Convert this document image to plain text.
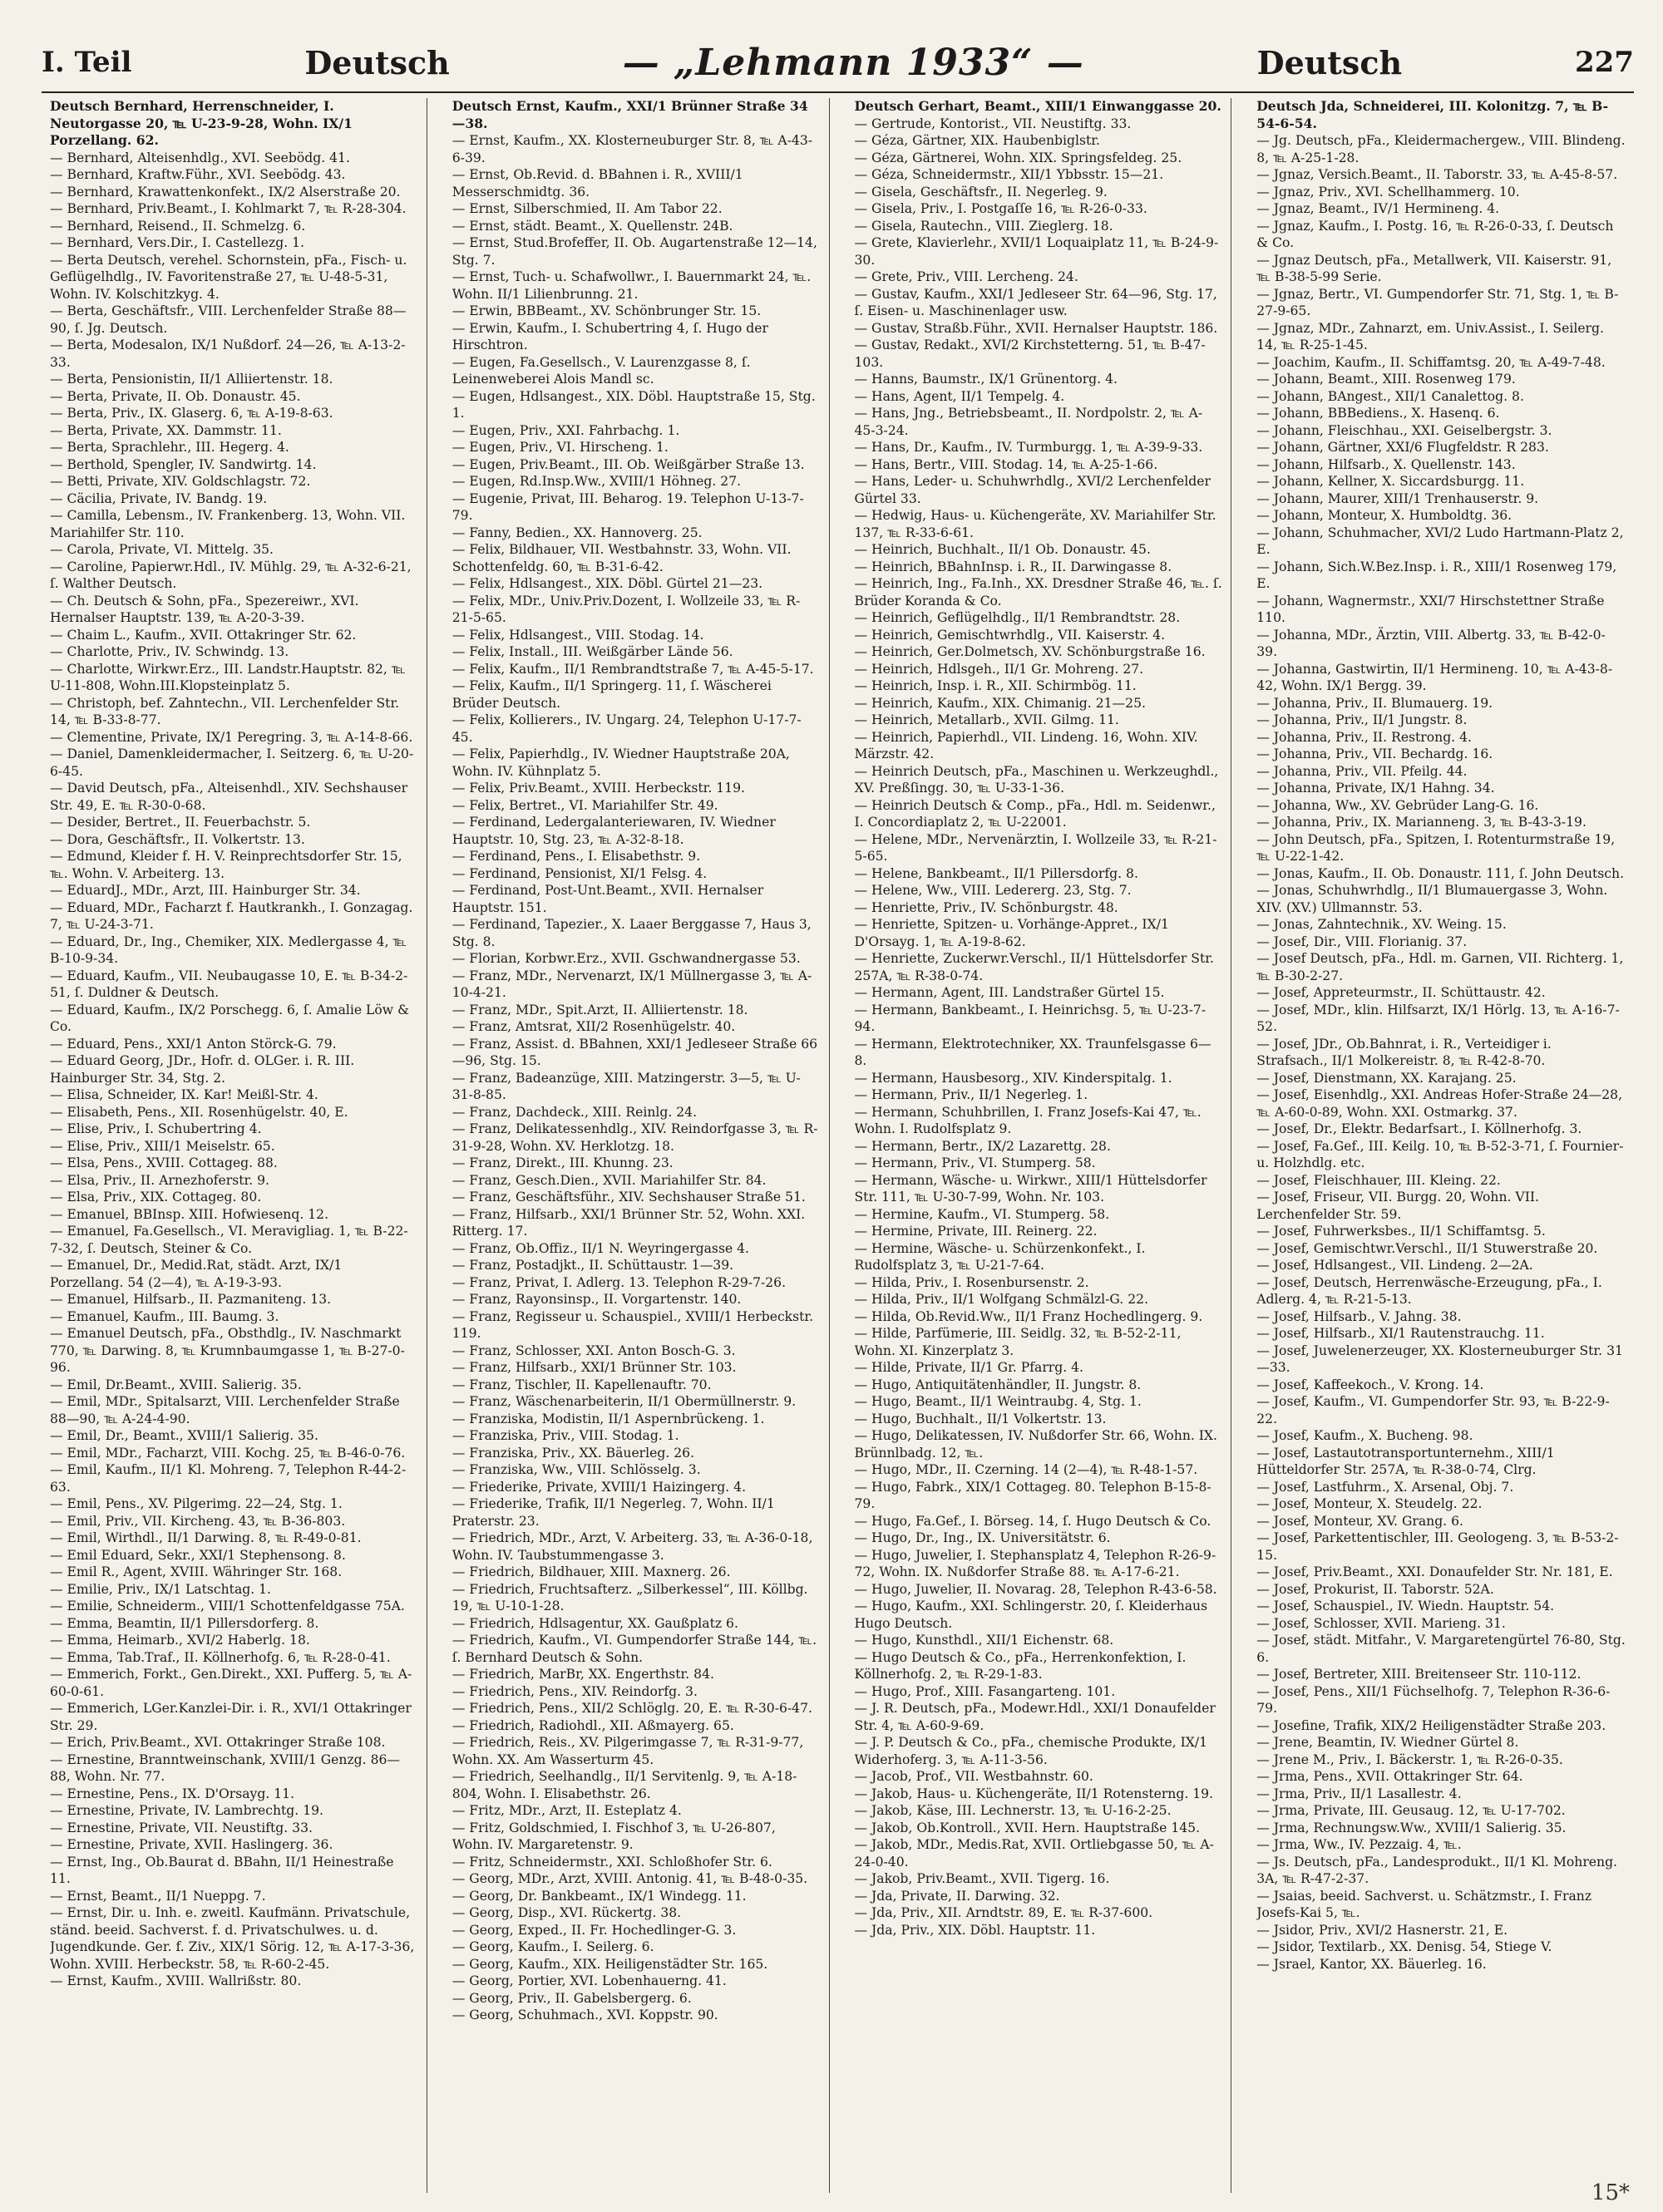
I. Teil	Deutsch	— „Lehmann 1933“ —	Deutsch	227

Deutsch Bernhard, Herrenschneider, I. Neutorgasse 20, ℡ U-23-9-28, Wohn. IX/1 Porzellang. 62.

— Bernhard, Alteisenhdlg., XVI. Seebödg. 41.

— Bernhard, Kraftw.Führ., XVI. Seebödg. 43.

— Bernhard, Krawattenkonfekt., IX/2 Alserstraße 20.

— Bernhard, Priv.Beamt., I. Kohlmarkt 7, ℡ R-28-304.

— Bernhard, Reisend., II. Schmelzg. 6.

— Bernhard, Vers.Dir., I. Castellezg. 1.

— Berta Deutsch, verehel. Schornstein, pFa., Fisch- u. Geflügelhdlg., IV. Favoritenstraße 27, ℡ U-48-5-31, Wohn. IV. Kolschitzkyg. 4.

— Berta, Geschäftsfr., VIII. Lerchenfelder Straße 88—90, ſ. Jg. Deutsch.

— Berta, Modesalon, IX/1 Nußdorf. 24—26, ℡ A-13-2-33.

— Berta, Pensionistin, II/1 Alliiertenstr. 18.

— Berta, Private, II. Ob. Donaustr. 45.

— Berta, Priv., IX. Glaserg. 6, ℡ A-19-8-63.

— Berta, Private, XX. Dammstr. 11.

— Berta, Sprachlehr., III. Hegerg. 4.

— Berthold, Spengler, IV. Sandwirtg. 14.

— Betti, Private, XIV. Goldschlagstr. 72.

— Cäcilia, Private, IV. Bandg. 19.

— Camilla, Lebensm., IV. Frankenberg. 13, Wohn. VII. Mariahilfer Str. 110.

— Carola, Private, VI. Mittelg. 35.

— Caroline, Papierwr.Hdl., IV. Mühlg. 29, ℡ A-32-6-21, ſ. Walther Deutsch.

— Ch. Deutsch & Sohn, pFa., Spezereiwr., XVI. Hernalser Hauptstr. 139, ℡ A-20-3-39.

— Chaim L., Kaufm., XVII. Ottakringer Str. 62.

— Charlotte, Priv., IV. Schwindg. 13.

— Charlotte, Wirkwr.Erz., III. Landstr.Hauptstr. 82, ℡ U-11-808, Wohn.III.Klopsteinplatz 5.

— Christoph, bef. Zahntechn., VII. Lerchenfelder Str. 14, ℡ B-33-8-77.

— Clementine, Private, IX/1 Peregring. 3, ℡ A-14-8-66.

— Daniel, Damenkleidermacher, I. Seitzerg. 6, ℡ U-20-6-45.

— David Deutsch, pFa., Alteisenhdl., XIV. Sechshauser Str. 49, E. ℡ R-30-0-68.

— Desider, Bertret., II. Feuerbachstr. 5.

— Dora, Geschäftsfr., II. Volkertstr. 13.

— Edmund, Kleider f. H. V. Reinprechtsdorfer Str. 15, ℡. Wohn. V. Arbeiterg. 13.

— EduardJ., MDr., Arzt, III. Hainburger Str. 34.

— Eduard, MDr., Facharzt f. Hautkrankh., I. Gonzagag. 7, ℡ U-24-3-71.

— Eduard, Dr., Ing., Chemiker, XIX. Medlergasse 4, ℡ B-10-9-34.

— Eduard, Kaufm., VII. Neubaugasse 10, E. ℡ B-34-2-51, ſ. Duldner & Deutsch.

— Eduard, Kaufm., IX/2 Porschegg. 6, ſ. Amalie Löw & Co.

— Eduard, Pens., XXI/1 Anton Störck-G. 79.

— Eduard Georg, JDr., Hofr. d. OLGer. i. R. III. Hainburger Str. 34, Stg. 2.

— Elisa, Schneider, IX. Kar! Meißl-Str. 4.

— Elisabeth, Pens., XII. Rosenhügelstr. 40, E.

— Elise, Priv., I. Schubertring 4.

— Elise, Priv., XIII/1 Meiselstr. 65.

— Elsa, Pens., XVIII. Cottageg. 88.

— Elsa, Priv., II. Arnezhoferstr. 9.

— Elsa, Priv., XIX. Cottageg. 80.

— Emanuel, BBInsp. XIII. Hofwiesenq. 12.

— Emanuel, Fa.Gesellsch., VI. Meravigliag. 1, ℡ B-22-7-32, ſ. Deutsch, Steiner & Co.

— Emanuel, Dr., Medid.Rat, städt. Arzt, IX/1 Porzellang. 54 (2—4), ℡ A-19-3-93.

— Emanuel, Hilfsarb., II. Pazmaniteng. 13.

— Emanuel, Kaufm., III. Baumg. 3.

— Emanuel Deutsch, pFa., Obsthdlg., IV. Naschmarkt 770, ℡ Darwing. 8, ℡ Krumnbaumgasse 1, ℡ B-27-0-96.

— Emil, Dr.Beamt., XVIII. Salierig. 35.

— Emil, MDr., Spitalsarzt, VIII. Lerchenfelder Straße 88—90, ℡ A-24-4-90.

— Emil, Dr., Beamt., XVIII/1 Salierig. 35.

— Emil, MDr., Facharzt, VIII. Kochg. 25, ℡ B-46-0-76.

— Emil, Kaufm., II/1 Kl. Mohreng. 7, Telephon R-44-2-63.

— Emil, Pens., XV. Pilgerimg. 22—24, Stg. 1.

— Emil, Priv., VII. Kircheng. 43, ℡ B-36-803.

— Emil, Wirthdl., II/1 Darwing. 8, ℡ R-49-0-81.

— Emil Eduard, Sekr., XXI/1 Stephensong. 8.

— Emil R., Agent, XVIII. Währinger Str. 168.

— Emilie, Priv., IX/1 Latschtag. 1.

— Emilie, Schneiderm., VIII/1 Schottenfeldgasse 75A.

— Emma, Beamtin, II/1 Pillersdorferg. 8.

— Emma, Heimarb., XVI/2 Haberlg. 18.

— Emma, Tab.Traf., II. Köllnerhofg. 6, ℡ R-28-0-41.

— Emmerich, Forkt., Gen.Direkt., XXI. Pufferg. 5, ℡ A-60-0-61.

— Emmerich, LGer.Kanzlei-Dir. i. R., XVI/1 Ottakringer Str. 29.

— Erich, Priv.Beamt., XVI. Ottakringer Straße 108.

— Ernestine, Branntweinschank, XVIII/1 Genzg. 86—88, Wohn. Nr. 77.

— Ernestine, Pens., IX. D'Orsayg. 11.

— Ernestine, Private, IV. Lambrechtg. 19.

— Ernestine, Private, VII. Neustiftg. 33.

— Ernestine, Private, XVII. Haslingerg. 36.

— Ernst, Ing., Ob.Baurat d. BBahn, II/1 Heinestraße 11.

— Ernst, Beamt., II/1 Nueppg. 7.

— Ernst, Dir. u. Inh. e. zweitl. Kaufmänn. Privatschule, ständ. beeid. Sachverst. f. d. Privatschulwes. u. d. Jugendkunde. Ger. f. Ziv., XIX/1 Sörig. 12, ℡ A-17-3-36, Wohn. XVIII. Herbeckstr. 58, ℡ R-60-2-45.

— Ernst, Kaufm., XVIII. Wallrißstr. 80.

Deutsch Ernst, Kaufm., XXI/1 Brünner Straße 34—38.

— Ernst, Kaufm., XX. Klosterneuburger Str. 8, ℡ A-43-6-39.

— Ernst, Ob.Revid. d. BBahnen i. R., XVIII/1 Messerschmidtg. 36.

— Ernst, Silberschmied, II. Am Tabor 22.

— Ernst, städt. Beamt., X. Quellenstr. 24B.

— Ernst, Stud.Brofeffer, II. Ob. Augartenstraße 12—14, Stg. 7.

— Ernst, Tuch- u. Schafwollwr., I. Bauernmarkt 24, ℡. Wohn. II/1 Lilienbrunng. 21.

— Erwin, BBBeamt., XV. Schönbrunger Str. 15.

— Erwin, Kaufm., I. Schubertring 4, ſ. Hugo der Hirschtron.

— Eugen, Fa.Gesellsch., V. Laurenzgasse 8, ſ. Leinenweberei Alois Mandl sc.

— Eugen, Hdlsangest., XIX. Döbl. Hauptstraße 15, Stg. 1.

— Eugen, Priv., XXI. Fahrbachg. 1.

— Eugen, Priv., VI. Hirscheng. 1.

— Eugen, Priv.Beamt., III. Ob. Weißgärber Straße 13.

— Eugen, Rd.Insp.Ww., XVIII/1 Höhneg. 27.

— Eugenie, Privat, III. Beharog. 19. Telephon U-13-7-79.

— Fanny, Bedien., XX. Hannoverg. 25.

— Felix, Bildhauer, VII. Westbahnstr. 33, Wohn. VII. Schottenfeldg. 60, ℡ B-31-6-42.

— Felix, Hdlsangest., XIX. Döbl. Gürtel 21—23.

— Felix, MDr., Univ.Priv.Dozent, I. Wollzeile 33, ℡ R-21-5-65.

— Felix, Hdlsangest., VIII. Stodag. 14.

— Felix, Install., III. Weißgärber Lände 56.

— Felix, Kaufm., II/1 Rembrandtstraße 7, ℡ A-45-5-17.

— Felix, Kaufm., II/1 Springerg. 11, ſ. Wäscherei Brüder Deutsch.

— Felix, Kollierers., IV. Ungarg. 24, Telephon U-17-7-45.

— Felix, Papierhdlg., IV. Wiedner Hauptstraße 20A, Wohn. IV. Kühnplatz 5.

— Felix, Priv.Beamt., XVIII. Herbeckstr. 119.

— Felix, Bertret., VI. Mariahilfer Str. 49.

— Ferdinand, Ledergalanteriewaren, IV. Wiedner Hauptstr. 10, Stg. 23, ℡ A-32-8-18.

— Ferdinand, Pens., I. Elisabethstr. 9.

— Ferdinand, Pensionist, XI/1 Felsg. 4.

— Ferdinand, Post-Unt.Beamt., XVII. Hernalser Hauptstr. 151.

— Ferdinand, Tapezier., X. Laaer Berggasse 7, Haus 3, Stg. 8.

— Florian, Korbwr.Erz., XVII. Gschwandnergasse 53.

— Franz, MDr., Nervenarzt, IX/1 Müllnergasse 3, ℡ A-10-4-21.

— Franz, MDr., Spit.Arzt, II. Alliiertenstr. 18.

— Franz, Amtsrat, XII/2 Rosenhügelstr. 40.

— Franz, Assist. d. BBahnen, XXI/1 Jedleseer Straße 66—96, Stg. 15.

— Franz, Badeanzüge, XIII. Matzingerstr. 3—5, ℡ U-31-8-85.

— Franz, Dachdeck., XIII. Reinlg. 24.

— Franz, Delikatessenhdlg., XIV. Reindorfgasse 3, ℡ R-31-9-28, Wohn. XV. Herklotzg. 18.

— Franz, Direkt., III. Khunng. 23.

— Franz, Gesch.Dien., XVII. Mariahilfer Str. 84.

— Franz, Geschäftsführ., XIV. Sechshauser Straße 51.

— Franz, Hilfsarb., XXI/1 Brünner Str. 52, Wohn. XXI. Ritterg. 17.

— Franz, Ob.Offiz., II/1 N. Weyringergasse 4.

— Franz, Postadjkt., II. Schüttaustr. 1—39.

— Franz, Privat, I. Adlerg. 13. Telephon R-29-7-26.

— Franz, Rayonsinsp., II. Vorgartenstr. 140.

— Franz, Regisseur u. Schauspiel., XVIII/1 Herbeckstr. 119.

— Franz, Schlosser, XXI. Anton Bosch-G. 3.

— Franz, Hilfsarb., XXI/1 Brünner Str. 103.

— Franz, Tischler, II. Kapellenauftr. 70.

— Franz, Wäschenarbeiterin, II/1 Obermüllnerstr. 9.

— Franziska, Modistin, II/1 Aspernbrückeng. 1.

— Franziska, Priv., VIII. Stodag. 1.

— Franziska, Priv., XX. Bäuerleg. 26.

— Franziska, Ww., VIII. Schlösselg. 3.

— Friederike, Private, XVIII/1 Haizingerg. 4.

— Friederike, Trafik, II/1 Negerleg. 7, Wohn. II/1 Praterstr. 23.

— Friedrich, MDr., Arzt, V. Arbeiterg. 33, ℡ A-36-0-18, Wohn. IV. Taubstummengasse 3.

— Friedrich, Bildhauer, XIII. Maxnerg. 26.

— Friedrich, Fruchtsafterz. „Silberkessel“, III. Köllbg. 19, ℡ U-10-1-28.

— Friedrich, Hdlsagentur, XX. Gaußplatz 6.

— Friedrich, Kaufm., VI. Gumpendorfer Straße 144, ℡. ſ. Bernhard Deutsch & Sohn.

— Friedrich, MarBr, XX. Engerthstr. 84.

— Friedrich, Pens., XIV. Reindorfg. 3.

— Friedrich, Pens., XII/2 Schlöglg. 20, E. ℡ R-30-6-47.

— Friedrich, Radiohdl., XII. Aßmayerg. 65.

— Friedrich, Reis., XV. Pilgerimgasse 7, ℡ R-31-9-77, Wohn. XX. Am Wasserturm 45.

— Friedrich, Seelhandlg., II/1 Servitenlg. 9, ℡ A-18-804, Wohn. I. Elisabethstr. 26.

— Fritz, MDr., Arzt, II. Esteplatz 4.

— Fritz, Goldschmied, I. Fischhof 3, ℡ U-26-807, Wohn. IV. Margaretenstr. 9.

— Fritz, Schneidermstr., XXI. Schloßhofer Str. 6.

— Georg, MDr., Arzt, XVIII. Antonig. 41, ℡ B-48-0-35.

— Georg, Dr. Bankbeamt., IX/1 Windegg. 11.

— Georg, Disp., XVI. Rückertg. 38.

— Georg, Exped., II. Fr. Hochedlinger-G. 3.

— Georg, Kaufm., I. Seilerg. 6.

— Georg, Kaufm., XIX. Heiligenstädter Str. 165.

— Georg, Portier, XVI. Lobenhauerng. 41.

— Georg, Priv., II. Gabelsbergerg. 6.

— Georg, Schuhmach., XVI. Koppstr. 90.

Deutsch Gerhart, Beamt., XIII/1 Einwanggasse 20.

— Gertrude, Kontorist., VII. Neustiftg. 33.

— Géza, Gärtner, XIX. Haubenbiglstr.

— Géza, Gärtnerei, Wohn. XIX. Springsfeldeg. 25.

— Géza, Schneidermstr., XII/1 Ybbsstr. 15—21.

— Gisela, Geschäftsfr., II. Negerleg. 9.

— Gisela, Priv., I. Postgaſſe 16, ℡ R-26-0-33.

— Gisela, Rautechn., VIII. Zieglerg. 18.

— Grete, Klavierlehr., XVII/1 Loquaiplatz 11, ℡ B-24-9-30.

— Grete, Priv., VIII. Lercheng. 24.

— Gustav, Kaufm., XXI/1 Jedleseer Str. 64—96, Stg. 17, ſ. Eisen- u. Maschinenlager usw.

— Gustav, Straßb.Führ., XVII. Hernalser Hauptstr. 186.

— Gustav, Redakt., XVI/2 Kirchstetterng. 51, ℡ B-47-103.

— Hanns, Baumstr., IX/1 Grünentorg. 4.

— Hans, Agent, II/1 Tempelg. 4.

— Hans, Jng., Betriebsbeamt., II. Nordpolstr. 2, ℡ A-45-3-24.

— Hans, Dr., Kaufm., IV. Turmburgg. 1, ℡ A-39-9-33.

— Hans, Bertr., VIII. Stodag. 14, ℡ A-25-1-66.

— Hans, Leder- u. Schuhwrhdlg., XVI/2 Lerchenfelder Gürtel 33.

— Hedwig, Haus- u. Küchengeräte, XV. Mariahilfer Str. 137, ℡ R-33-6-61.

— Heinrich, Buchhalt., II/1 Ob. Donaustr. 45.

— Heinrich, BBahnInsp. i. R., II. Darwingasse 8.

— Heinrich, Ing., Fa.Inh., XX. Dresdner Straße 46, ℡. ſ. Brüder Koranda & Co.

— Heinrich, Geflügelhdlg., II/1 Rembrandtstr. 28.

— Heinrich, Gemischtwrhdlg., VII. Kaiserstr. 4.

— Heinrich, Ger.Dolmetsch, XV. Schönburgstraße 16.

— Heinrich, Hdlsgeh., II/1 Gr. Mohreng. 27.

— Heinrich, Insp. i. R., XII. Schirmbög. 11.

— Heinrich, Kaufm., XIX. Chimanig. 21—25.

— Heinrich, Metallarb., XVII. Gilmg. 11.

— Heinrich, Papierhdl., VII. Lindeng. 16, Wohn. XIV. Märzstr. 42.

— Heinrich Deutsch, pFa., Maschinen u. Werkzeughdl., XV. Preßſingg. 30, ℡ U-33-1-36.

— Heinrich Deutsch & Comp., pFa., Hdl. m. Seidenwr., I. Concordiaplatz 2, ℡ U-22001.

— Helene, MDr., Nervenärztin, I. Wollzeile 33, ℡ R-21-5-65.

— Helene, Bankbeamt., II/1 Pillersdorfg. 8.

— Helene, Ww., VIII. Ledererg. 23, Stg. 7.

— Henriette, Priv., IV. Schönburgstr. 48.

— Henriette, Spitzen- u. Vorhänge-Appret., IX/1 D'Orsayg. 1, ℡ A-19-8-62.

— Henriette, Zuckerwr.Verschl., II/1 Hüttelsdorfer Str. 257A, ℡ R-38-0-74.

— Hermann, Agent, III. Landstraßer Gürtel 15.

— Hermann, Bankbeamt., I. Heinrichsg. 5, ℡ U-23-7-94.

— Hermann, Elektrotechniker, XX. Traunfelsgasse 6—8.

— Hermann, Hausbesorg., XIV. Kinderspitalg. 1.

— Hermann, Priv., II/1 Negerleg. 1.

— Hermann, Schuhbrillen, I. Franz Josefs-Kai 47, ℡. Wohn. I. Rudolfsplatz 9.

— Hermann, Bertr., IX/2 Lazarettg. 28.

— Hermann, Priv., VI. Stumperg. 58.

— Hermann, Wäsche- u. Wirkwr., XIII/1 Hüttelsdorfer Str. 111, ℡ U-30-7-99, Wohn. Nr. 103.

— Hermine, Kaufm., VI. Stumperg. 58.

— Hermine, Private, III. Reinerg. 22.

— Hermine, Wäsche- u. Schürzenkonfekt., I. Rudolfsplatz 3, ℡ U-21-7-64.

— Hilda, Priv., I. Rosenbursenstr. 2.

— Hilda, Priv., II/1 Wolfgang Schmälzl-G. 22.

— Hilda, Ob.Revid.Ww., II/1 Franz Hochedlingerg. 9.

— Hilde, Parfümerie, III. Seidlg. 32, ℡ B-52-2-11, Wohn. XI. Kinzerplatz 3.

— Hilde, Private, II/1 Gr. Pfarrg. 4.

— Hugo, Antiquitätenhändler, II. Jungstr. 8.

— Hugo, Beamt., II/1 Weintraubg. 4, Stg. 1.

— Hugo, Buchhalt., II/1 Volkertstr. 13.

— Hugo, Delikatessen, IV. Nußdorfer Str. 66, Wohn. IX. Brünnlbadg. 12, ℡.

— Hugo, MDr., II. Czerning. 14 (2—4), ℡ R-48-1-57.

— Hugo, Fabrk., XIX/1 Cottageg. 80. Telephon B-15-8-79.

— Hugo, Fa.Gef., I. Börseg. 14, ſ. Hugo Deutsch & Co.

— Hugo, Dr., Ing., IX. Universitätstr. 6.

— Hugo, Juwelier, I. Stephansplatz 4, Telephon R-26-9-72, Wohn. IX. Nußdorfer Straße 88. ℡ A-17-6-21.

— Hugo, Juwelier, II. Novarag. 28, Telephon R-43-6-58.

— Hugo, Kaufm., XXI. Schlingerstr. 20, ſ. Kleiderhaus Hugo Deutsch.

— Hugo, Kunsthdl., XII/1 Eichenstr. 68.

— Hugo Deutsch & Co., pFa., Herrenkonfektion, I. Köllnerhofg. 2, ℡ R-29-1-83.

— Hugo, Prof., XIII. Fasangarteng. 101.

— J. R. Deutsch, pFa., Modewr.Hdl., XXI/1 Donaufelder Str. 4, ℡ A-60-9-69.

— J. P. Deutsch & Co., pFa., chemische Produkte, IX/1 Widerhoferg. 3, ℡ A-11-3-56.

— Jacob, Prof., VII. Westbahnstr. 60.

— Jakob, Haus- u. Küchengeräte, II/1 Rotensterng. 19.

— Jakob, Käse, III. Lechnerstr. 13, ℡ U-16-2-25.

— Jakob, Ob.Kontroll., XVII. Hern. Hauptstraße 145.

— Jakob, MDr., Medis.Rat, XVII. Ortliebgasse 50, ℡ A-24-0-40.

— Jakob, Priv.Beamt., XVII. Tigerg. 16.

— Jda, Private, II. Darwing. 32.

— Jda, Priv., XII. Arndtstr. 89, E. ℡ R-37-600.

— Jda, Priv., XIX. Döbl. Hauptstr. 11.

Deutsch Jda, Schneiderei, III. Kolonitzg. 7, ℡ B-54-6-54.

— Jg. Deutsch, pFa., Kleidermachergew., VIII. Blindeng. 8, ℡ A-25-1-28.

— Jgnaz, Versich.Beamt., II. Taborstr. 33, ℡ A-45-8-57.

— Jgnaz, Priv., XVI. Schellhammerg. 10.

— Jgnaz, Beamt., IV/1 Hermineng. 4.

— Jgnaz, Kaufm., I. Postg. 16, ℡ R-26-0-33, ſ. Deutsch & Co.

— Jgnaz Deutsch, pFa., Metallwerk, VII. Kaiserstr. 91, ℡ B-38-5-99 Serie.

— Jgnaz, Bertr., VI. Gumpendorfer Str. 71, Stg. 1, ℡ B-27-9-65.

— Jgnaz, MDr., Zahnarzt, em. Univ.Assist., I. Seilerg. 14, ℡ R-25-1-45.

— Joachim, Kaufm., II. Schiffamtsg. 20, ℡ A-49-7-48.

— Johann, Beamt., XIII. Rosenweg 179.

— Johann, BAngest., XII/1 Canalettog. 8.

— Johann, BBBediens., X. Hasenq. 6.

— Johann, Fleischhau., XXI. Geiselbergstr. 3.

— Johann, Gärtner, XXI/6 Flugfeldstr. R 283.

— Johann, Hilfsarb., X. Quellenstr. 143.

— Johann, Kellner, X. Siccardsburgg. 11.

— Johann, Maurer, XIII/1 Trenhauserstr. 9.

— Johann, Monteur, X. Humboldtg. 36.

— Johann, Schuhmacher, XVI/2 Ludo Hartmann-Platz 2, E.

— Johann, Sich.W.Bez.Insp. i. R., XIII/1 Rosenweg 179, E.

— Johann, Wagnermstr., XXI/7 Hirschstettner Straße 110.

— Johanna, MDr., Ärztin, VIII. Albertg. 33, ℡ B-42-0-39.

— Johanna, Gastwirtin, II/1 Hermineng. 10, ℡ A-43-8-42, Wohn. IX/1 Bergg. 39.

— Johanna, Priv., II. Blumauerg. 19.

— Johanna, Priv., II/1 Jungstr. 8.

— Johanna, Priv., II. Restrong. 4.

— Johanna, Priv., VII. Bechardg. 16.

— Johanna, Priv., VII. Pfeilg. 44.

— Johanna, Private, IX/1 Hahng. 34.

— Johanna, Ww., XV. Gebrüder Lang-G. 16.

— Johanna, Priv., IX. Marianneng. 3, ℡ B-43-3-19.

— John Deutsch, pFa., Spitzen, I. Rotenturmstraße 19, ℡ U-22-1-42.

— Jonas, Kaufm., II. Ob. Donaustr. 111, ſ. John Deutsch.

— Jonas, Schuhwrhdlg., II/1 Blumauergasse 3, Wohn. XIV. (XV.) Ullmannstr. 53.

— Jonas, Zahntechnik., XV. Weing. 15.

— Josef, Dir., VIII. Florianig. 37.

— Josef Deutsch, pFa., Hdl. m. Garnen, VII. Richterg. 1, ℡ B-30-2-27.

— Josef, Appreteurmstr., II. Schüttaustr. 42.

— Josef, MDr., klin. Hilfsarzt, IX/1 Hörlg. 13, ℡ A-16-7-52.

— Josef, JDr., Ob.Bahnrat, i. R., Verteidiger i. Strafsach., II/1 Molkereistr. 8, ℡ R-42-8-70.

— Josef, Dienstmann, XX. Karajang. 25.

— Josef, Eisenhdlg., XXI. Andreas Hofer-Straße 24—28, ℡ A-60-0-89, Wohn. XXI. Ostmarkg. 37.

— Josef, Dr., Elektr. Bedarfsart., I. Köllnerhofg. 3.

— Josef, Fa.Gef., III. Keilg. 10, ℡ B-52-3-71, ſ. Fournier- u. Holzhdlg. etc.

— Josef, Fleischhauer, III. Kleing. 22.

— Josef, Friseur, VII. Burgg. 20, Wohn. VII. Lerchenfelder Str. 59.

— Josef, Fuhrwerksbes., II/1 Schiffamtsg. 5.

— Josef, Gemischtwr.Verschl., II/1 Stuwerstraße 20.

— Josef, Hdlsangest., VII. Lindeng. 2—2A.

— Josef, Deutsch, Herrenwäsche-Erzeugung, pFa., I. Adlerg. 4, ℡ R-21-5-13.

— Josef, Hilfsarb., V. Jahng. 38.

— Josef, Hilfsarb., XI/1 Rautenstrauchg. 11.

— Josef, Juwelenerzeuger, XX. Klosterneuburger Str. 31—33.

— Josef, Kaffeekoch., V. Krong. 14.

— Josef, Kaufm., VI. Gumpendorfer Str. 93, ℡ B-22-9-22.

— Josef, Kaufm., X. Bucheng. 98.

— Josef, Lastautotransportunternehm., XIII/1 Hütteldorfer Str. 257A, ℡ R-38-0-74, Clrg.

— Josef, Lastfuhrm., X. Arsenal, Obj. 7.

— Josef, Monteur, X. Steudelg. 22.

— Josef, Monteur, XV. Grang. 6.

— Josef, Parkettentischler, III. Geologeng. 3, ℡ B-53-2-15.

— Josef, Priv.Beamt., XXI. Donaufelder Str. Nr. 181, E.

— Josef, Prokurist, II. Taborstr. 52A.

— Josef, Schauspiel., IV. Wiedn. Hauptstr. 54.

— Josef, Schlosser, XVII. Marieng. 31.

— Josef, städt. Mitfahr., V. Margaretengürtel 76-80, Stg. 6.

— Josef, Bertreter, XIII. Breitenseer Str. 110-112.

— Josef, Pens., XII/1 Füchselhofg. 7, Telephon R-36-6-79.

— Josefine, Trafik, XIX/2 Heiligenstädter Straße 203.

— Jrene, Beamtin, IV. Wiedner Gürtel 8.

— Jrene M., Priv., I. Bäckerstr. 1, ℡ R-26-0-35.

— Jrma, Pens., XVII. Ottakringer Str. 64.

— Jrma, Priv., II/1 Lasallestr. 4.

— Jrma, Private, III. Geusaug. 12, ℡ U-17-702.

— Jrma, Rechnungsw.Ww., XVIII/1 Salierig. 35.

— Jrma, Ww., IV. Pezzaig. 4, ℡.

— Js. Deutsch, pFa., Landesprodukt., II/1 Kl. Mohreng. 3A, ℡ R-47-2-37.

— Jsaias, beeid. Sachverst. u. Schätzmstr., I. Franz Josefs-Kai 5, ℡.

— Jsidor, Priv., XVI/2 Hasnerstr. 21, E.

— Jsidor, Textilarb., XX. Denisg. 54, Stiege V.

— Jsrael, Kantor, XX. Bäuerleg. 16.

15*
